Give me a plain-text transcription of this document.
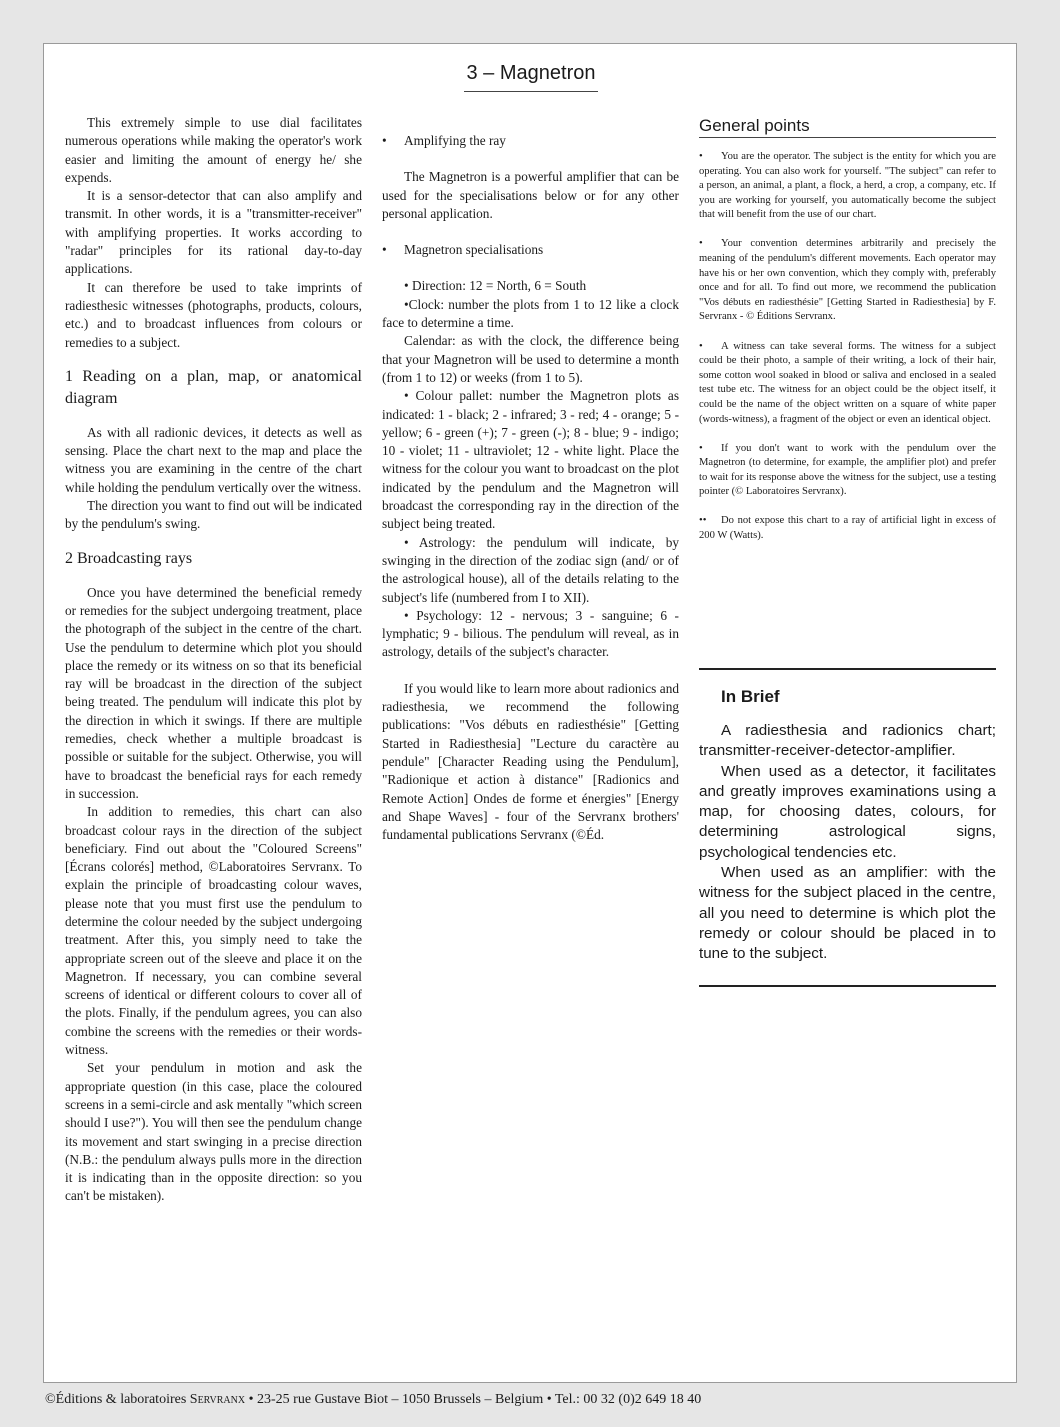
3 – Magnetron

This extremely simple to use dial facilitates numerous operations while making the operator's work easier and limiting the amount of energy he/ she expends.

It is a sensor-detector that can also amplify and transmit. In other words, it is a "transmitter-receiver" with amplifying properties. It works according to "radar" principles for its rational day-to-day applications.

It can therefore be used to take imprints of radiesthesic witnesses (photographs, products, colours, etc.) and to broadcast influences from colours or remedies to a subject.

1 Reading on a plan, map, or anatomical diagram

As with all radionic devices, it detects as well as sensing. Place the chart next to the map and place the witness you are examining in the centre of the chart while holding the pendulum vertically over the witness.

The direction you want to find out will be indicated by the pendulum's swing.

2 Broadcasting rays

Once you have determined the beneficial remedy or remedies for the subject undergoing treatment, place the photograph of the subject in the centre of the chart. Use the pendulum to determine which plot you should place the remedy or its witness on so that its beneficial ray will be broadcast in the direction of the subject being treated. The pendulum will indicate this plot by the direction in which it swings. If there are multiple remedies, check whether a multiple broadcast is possible or suitable for the subject. Otherwise, you will have to broadcast the beneficial rays for each remedy in succession.

In addition to remedies, this chart can also broadcast colour rays in the direction of the subject beneficiary. Find out about the "Coloured Screens" [Écrans colorés] method, ©Laboratoires Servranx. To explain the principle of broadcasting colour waves, please note that you must first use the pendulum to determine the colour needed by the subject undergoing treatment. After this, you simply need to take the appropriate screen out of the sleeve and place it on the Magnetron. If necessary, you can combine several screens of identical or different colours to cover all of the plots. Finally, if the pendulum agrees, you can also combine the screens with the remedies or their words-witness.

Set your pendulum in motion and ask the appropriate question (in this case, place the coloured screens in a semi-circle and ask mentally "which screen should I use?"). You will then see the pendulum change its movement and start swinging in a precise direction (N.B.: the pendulum always pulls more in the direction it is indicating than in the opposite direction: so you can't be mistaken).

•	Amplifying the ray

The Magnetron is a powerful amplifier that can be used for the specialisations below or for any other personal application.

•	Magnetron specialisations

• Direction: 12 = North, 6 = South

•Clock: number the plots from 1 to 12 like a clock face to determine a time.

Calendar: as with the clock, the difference being that your Magnetron will be used to determine a month (from 1 to 12) or weeks (from 1 to 5).

• Colour pallet: number the Magnetron plots as indicated: 1 - black; 2 - infrared; 3 - red; 4 - orange; 5 - yellow; 6 - green (+); 7 - green (-); 8 - blue; 9 - indigo; 10 - violet; 11 - ultraviolet; 12 - white light. Place the witness for the colour you want to broadcast on the plot indicated by the pendulum and the Magnetron will broadcast the corresponding ray in the direction of the subject being treated.

• Astrology: the pendulum will indicate, by swinging in the direction of the zodiac sign (and/ or of the astrological house), all of the details relating to the subject's life (numbered from I to XII).

• Psychology: 12 - nervous; 3 - sanguine; 6 - lymphatic; 9 - bilious. The pendulum will reveal, as in astrology, details of the subject's character.

If you would like to learn more about radionics and radiesthesia, we recommend the following publications: "Vos débuts en radiesthésie" [Getting Started in Radiesthesia] "Lecture du caractère au pendule" [Character Reading using the Pendulum], "Radionique et action à distance" [Radionics and Remote Action] Ondes de forme et énergies" [Energy and Shape Waves] - four of the Servranx brothers' fundamental publications Servranx (©Éd.

General points
• You are the operator. The subject is the entity for which you are operating. You can also work for yourself. "The subject" can refer to a person, an animal, a plant, a flock, a herd, a crop, a company, etc. If you are working for yourself, you automatically become the subject that will benefit from the use of our chart.
• Your convention determines arbitrarily and precisely the meaning of the pendulum's different movements. Each operator may have his or her own convention, which they comply with, preferably once and for all. To find out more, we recommend the publication "Vos débuts en radiesthésie" [Getting Started in Radiesthesia] by F. Servranx - © Éditions Servranx.
• A witness can take several forms. The witness for a subject could be their photo, a sample of their writing, a lock of their hair, some cotton wool soaked in blood or saliva and enclosed in a sealed test tube etc. The witness for an object could be the object itself, it could be the name of the object written on a square of white paper (words-witness), a fragment of the object or even an identical object.
• If you don't want to work with the pendulum over the Magnetron (to determine, for example, the amplifier plot) and prefer to wait for its response above the witness for the subject, use a testing pointer (© Laboratoires Servranx).
•• Do not expose this chart to a ray of artificial light in excess of 200 W (Watts).
In Brief

A radiesthesia and radionics chart; transmitter-receiver-detector-amplifier.

When used as a detector, it facilitates and greatly improves examinations using a map, for choosing dates, colours, for determining astrological signs, psychological tendencies etc.

When used as an amplifier: with the witness for the subject placed in the centre, all you need to determine is which plot the remedy or colour should be placed in to tune to the subject.

©Éditions & laboratoires Servranx • 23-25 rue Gustave Biot – 1050 Brussels – Belgium • Tel.: 00 32 (0)2 649 18 40
